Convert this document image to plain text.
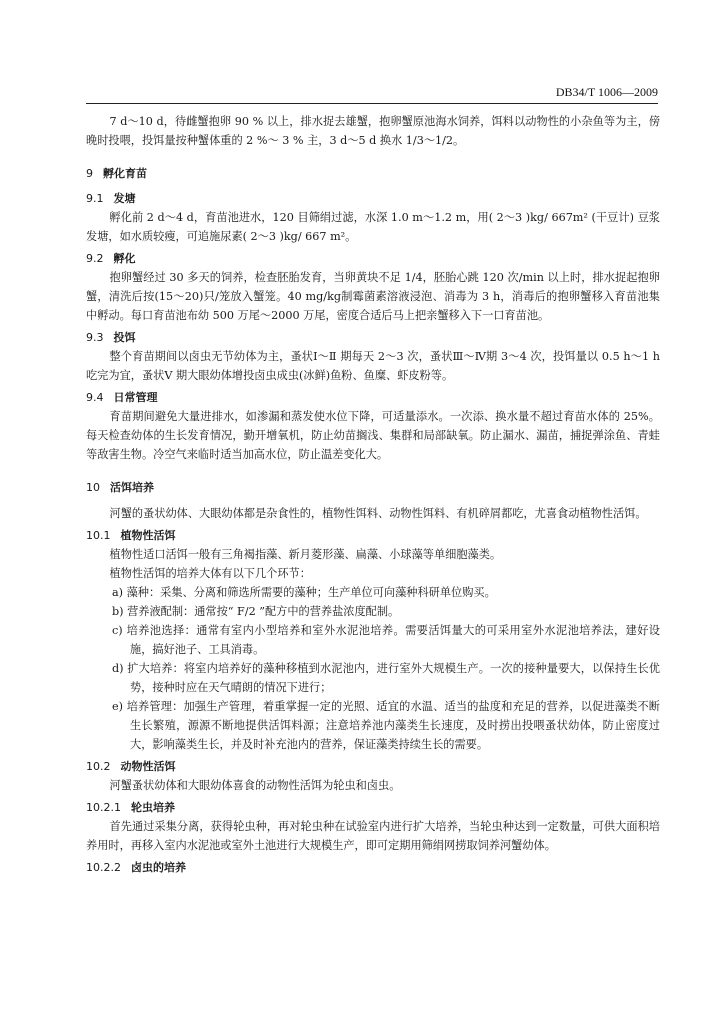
DB34/T 1006—2009

7 d～10 d，待雌蟹抱卵 90 % 以上，排水捉去雄蟹，抱卵蟹原池海水饲养，饵料以动物性的小杂鱼等为主，傍晚时投喂，投饵量按种蟹体重的 2 %～ 3 % 主，3 d～5 d 换水 1/3～1/2。

9 孵化育苗
9.1 发塘

孵化前 2 d～4 d，育苗池进水，120 目筛绢过滤，水深 1.0 m～1.2 m，用( 2～3 )kg/ 667m² (干豆计) 豆浆发塘，如水质较瘦，可追施尿素( 2～3 )kg/ 667 m²。

9.2 孵化

抱卵蟹经过 30 多天的饲养，检查胚胎发育，当卵黄块不足 1/4，胚胎心跳 120 次/min 以上时，排水捉起抱卵蟹，清洗后按(15～20)只/笼放入蟹笼。40 mg/kg制霉菌素溶液浸泡、消毒为 3 h，消毒后的抱卵蟹移入育苗池集中孵动。每口育苗池布幼 500 万尾～2000 万尾，密度合适后马上把亲蟹移入下一口育苗池。

9.3 投饵

整个育苗期间以卤虫无节幼体为主，蚤状Ⅰ～Ⅱ 期每天 2～3 次，蚤状Ⅲ～Ⅳ期 3～4 次，投饵量以 0.5 h～1 h 吃完为宜，蚤状Ⅴ 期大眼幼体增投卤虫成虫(冰鲜)鱼粉、鱼糜、虾皮粉等。

9.4 日常管理

育苗期间避免大量进排水，如渗漏和蒸发使水位下降，可适量添水。一次添、换水量不超过育苗水体的 25%。每天检查幼体的生长发育情况，勤开增氧机，防止幼苗搁浅、集群和局部缺氧。防止漏水、漏苗，捕捉弹涂鱼、青蛙等敌害生物。冷空气来临时适当加高水位，防止温差变化大。

10 活饵培养

河蟹的蚤状幼体、大眼幼体都是杂食性的，植物性饵料、动物性饵料、有机碎屑都吃，尤喜食动植物性活饵。

10.1 植物性活饵

植物性适口活饵一般有三角褐指藻、新月菱形藻、扁藻、小球藻等单细胞藻类。

植物性活饵的培养大体有以下几个环节：

a) 藻种：采集、分离和筛选所需要的藻种；生产单位可向藻种科研单位购买。

b) 营养液配制：通常按“ F/2 ”配方中的营养盐浓度配制。

c) 培养池选择：通常有室内小型培养和室外水泥池培养。需要活饵量大的可采用室外水泥池培养法，建好设施，搞好池子、工具消毒。

d) 扩大培养：将室内培养好的藻种移植到水泥池内，进行室外大规模生产。一次的接种量要大，以保持生长优势，接种时应在天气晴朗的情况下进行；

e) 培养管理：加强生产管理，着重掌握一定的光照、适宜的水温、适当的盐度和充足的营养，以促进藻类不断生长繁殖，源源不断地提供活饵料源；注意培养池内藻类生长速度，及时捞出投喂蚤状幼体，防止密度过大，影响藻类生长，并及时补充池内的营养，保证藻类持续生长的需要。

10.2 动物性活饵

河蟹蚤状幼体和大眼幼体喜食的动物性活饵为轮虫和卤虫。

10.2.1 轮虫培养

首先通过采集分离，获得轮虫种，再对轮虫种在试验室内进行扩大培养，当轮虫种达到一定数量，可供大面积培养用时，再移入室内水泥池或室外土池进行大规模生产，即可定期用筛绢网捞取饲养河蟹幼体。

10.2.2 卤虫的培养
